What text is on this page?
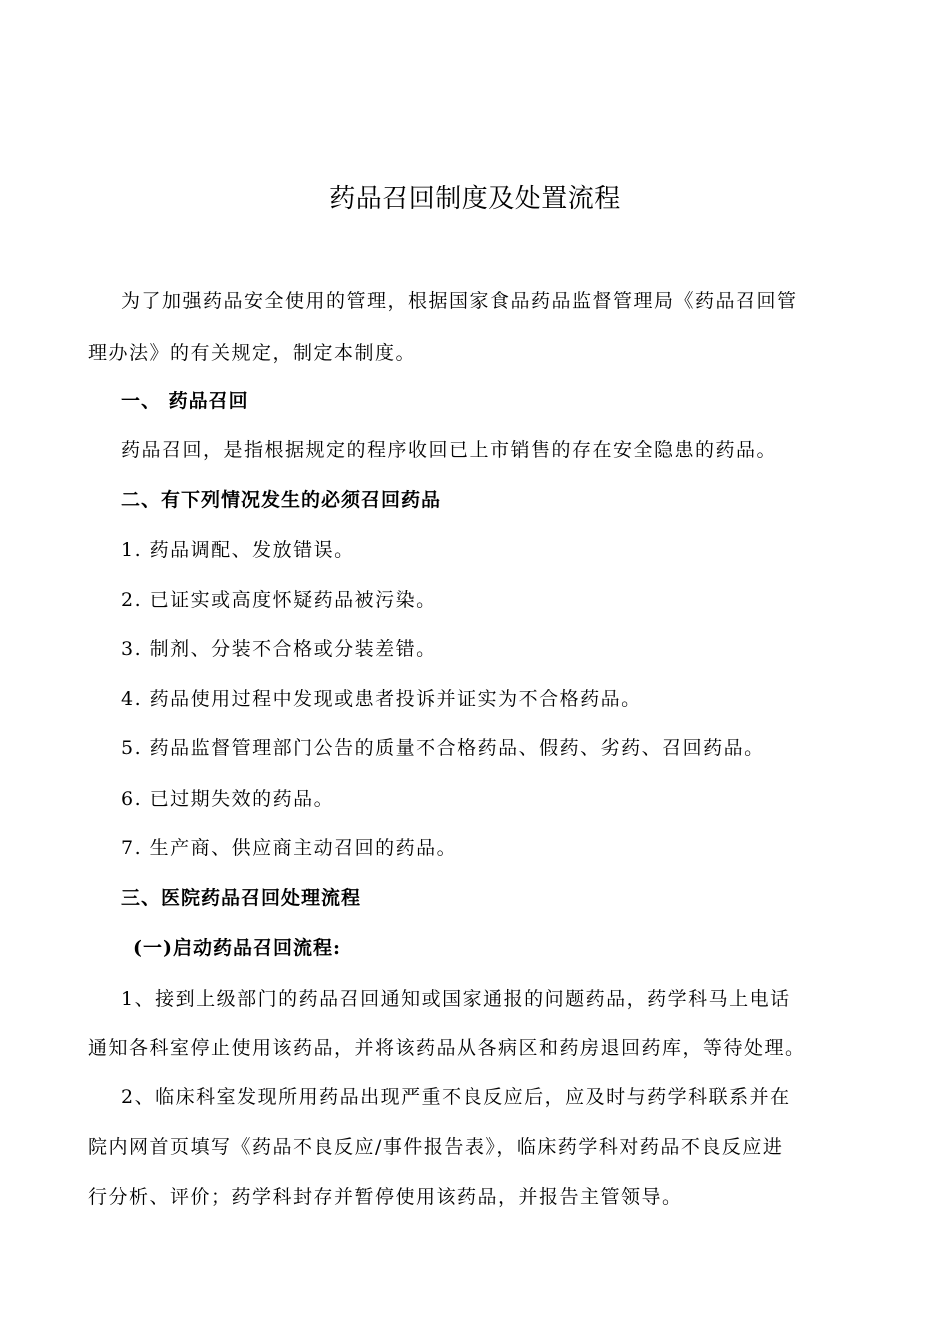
药品召回制度及处置流程
为了加强药品安全使用的管理，根据国家食品药品监督管理局《药品召回管
理办法》的有关规定，制定本制度。
一、 药品召回
药品召回，是指根据规定的程序收回已上市销售的存在安全隐患的药品。
二、有下列情况发生的必须召回药品
1. 药品调配、发放错误。
2. 已证实或高度怀疑药品被污染。
3. 制剂、分装不合格或分装差错。
4. 药品使用过程中发现或患者投诉并证实为不合格药品。
5. 药品监督管理部门公告的质量不合格药品、假药、劣药、召回药品。
6. 已过期失效的药品。
7. 生产商、供应商主动召回的药品。
三、医院药品召回处理流程
(一)启动药品召回流程:
1、接到上级部门的药品召回通知或国家通报的问题药品，药学科马上电话
通知各科室停止使用该药品，并将该药品从各病区和药房退回药库，等待处理。
2、临床科室发现所用药品出现严重不良反应后，应及时与药学科联系并在
院内网首页填写《药品不良反应/事件报告表》，临床药学科对药品不良反应进
行分析、评价；药学科封存并暂停使用该药品，并报告主管领导。
